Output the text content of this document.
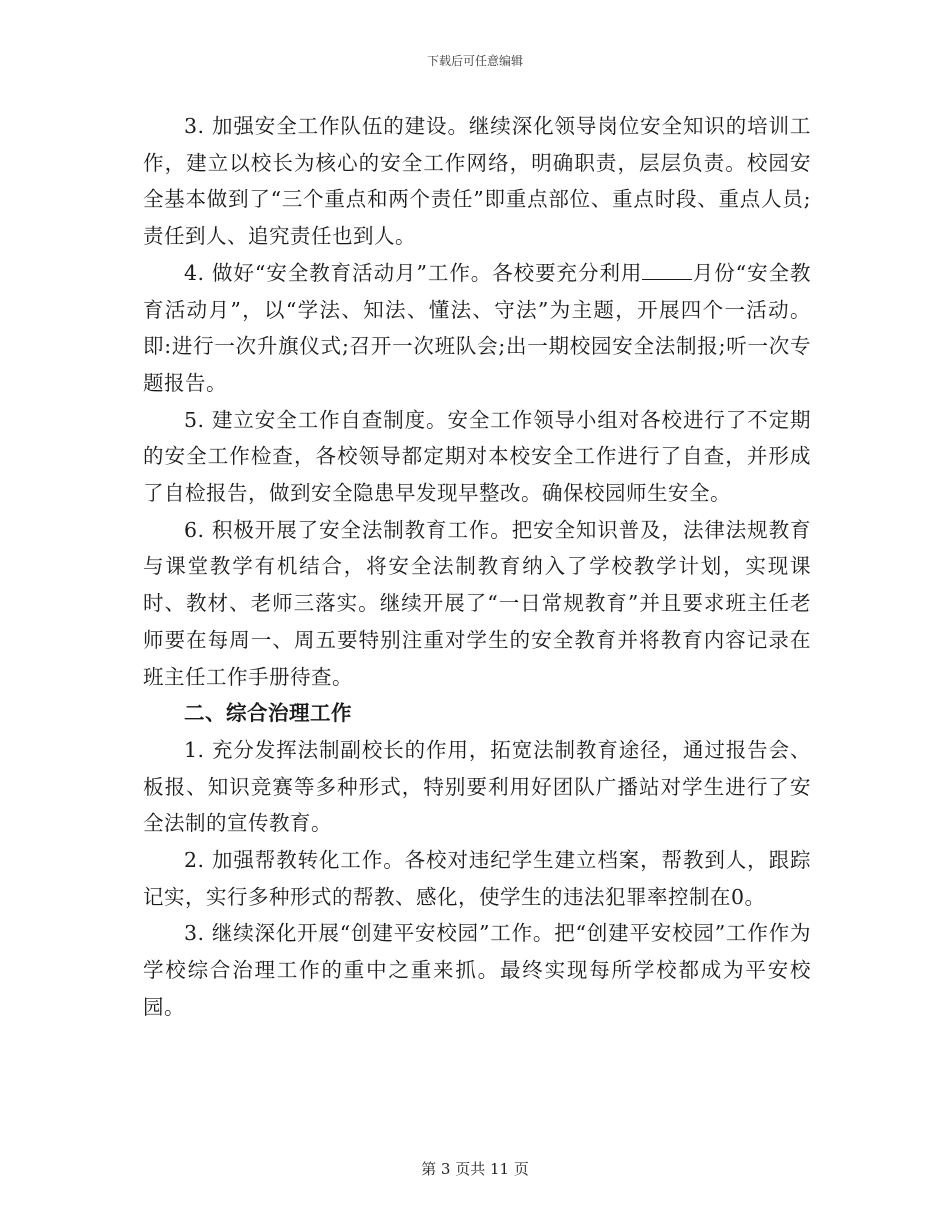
下载后可任意编辑

3. 加强安全工作队伍的建设。继续深化领导岗位安全知识的培训工作，建立以校长为核心的安全工作网络，明确职责，层层负责。校园安全基本做到了“三个重点和两个责任”即重点部位、重点时段、重点人员;责任到人、追究责任也到人。

4. 做好“安全教育活动月”工作。各校要充分利用 月份“安全教育活动月”，以“学法、知法、懂法、守法”为主题，开展四个一活动。即:进行一次升旗仪式;召开一次班队会;出一期校园安全法制报;听一次专题报告。

5. 建立安全工作自查制度。安全工作领导小组对各校进行了不定期的安全工作检查，各校领导都定期对本校安全工作进行了自查，并形成了自检报告，做到安全隐患早发现早整改。确保校园师生安全。

6. 积极开展了安全法制教育工作。把安全知识普及，法律法规教育与课堂教学有机结合，将安全法制教育纳入了学校教学计划，实现课时、教材、老师三落实。继续开展了“一日常规教育”并且要求班主任老师要在每周一、周五要特别注重对学生的安全教育并将教育内容记录在班主任工作手册待查。

二、综合治理工作

1. 充分发挥法制副校长的作用，拓宽法制教育途径，通过报告会、板报、知识竞赛等多种形式，特别要利用好团队广播站对学生进行了安全法制的宣传教育。

2. 加强帮教转化工作。各校对违纪学生建立档案，帮教到人，跟踪记实，实行多种形式的帮教、感化，使学生的违法犯罪率控制在0。

3. 继续深化开展“创建平安校园”工作。把“创建平安校园”工作作为学校综合治理工作的重中之重来抓。最终实现每所学校都成为平安校园。

第 3 页共 11 页
